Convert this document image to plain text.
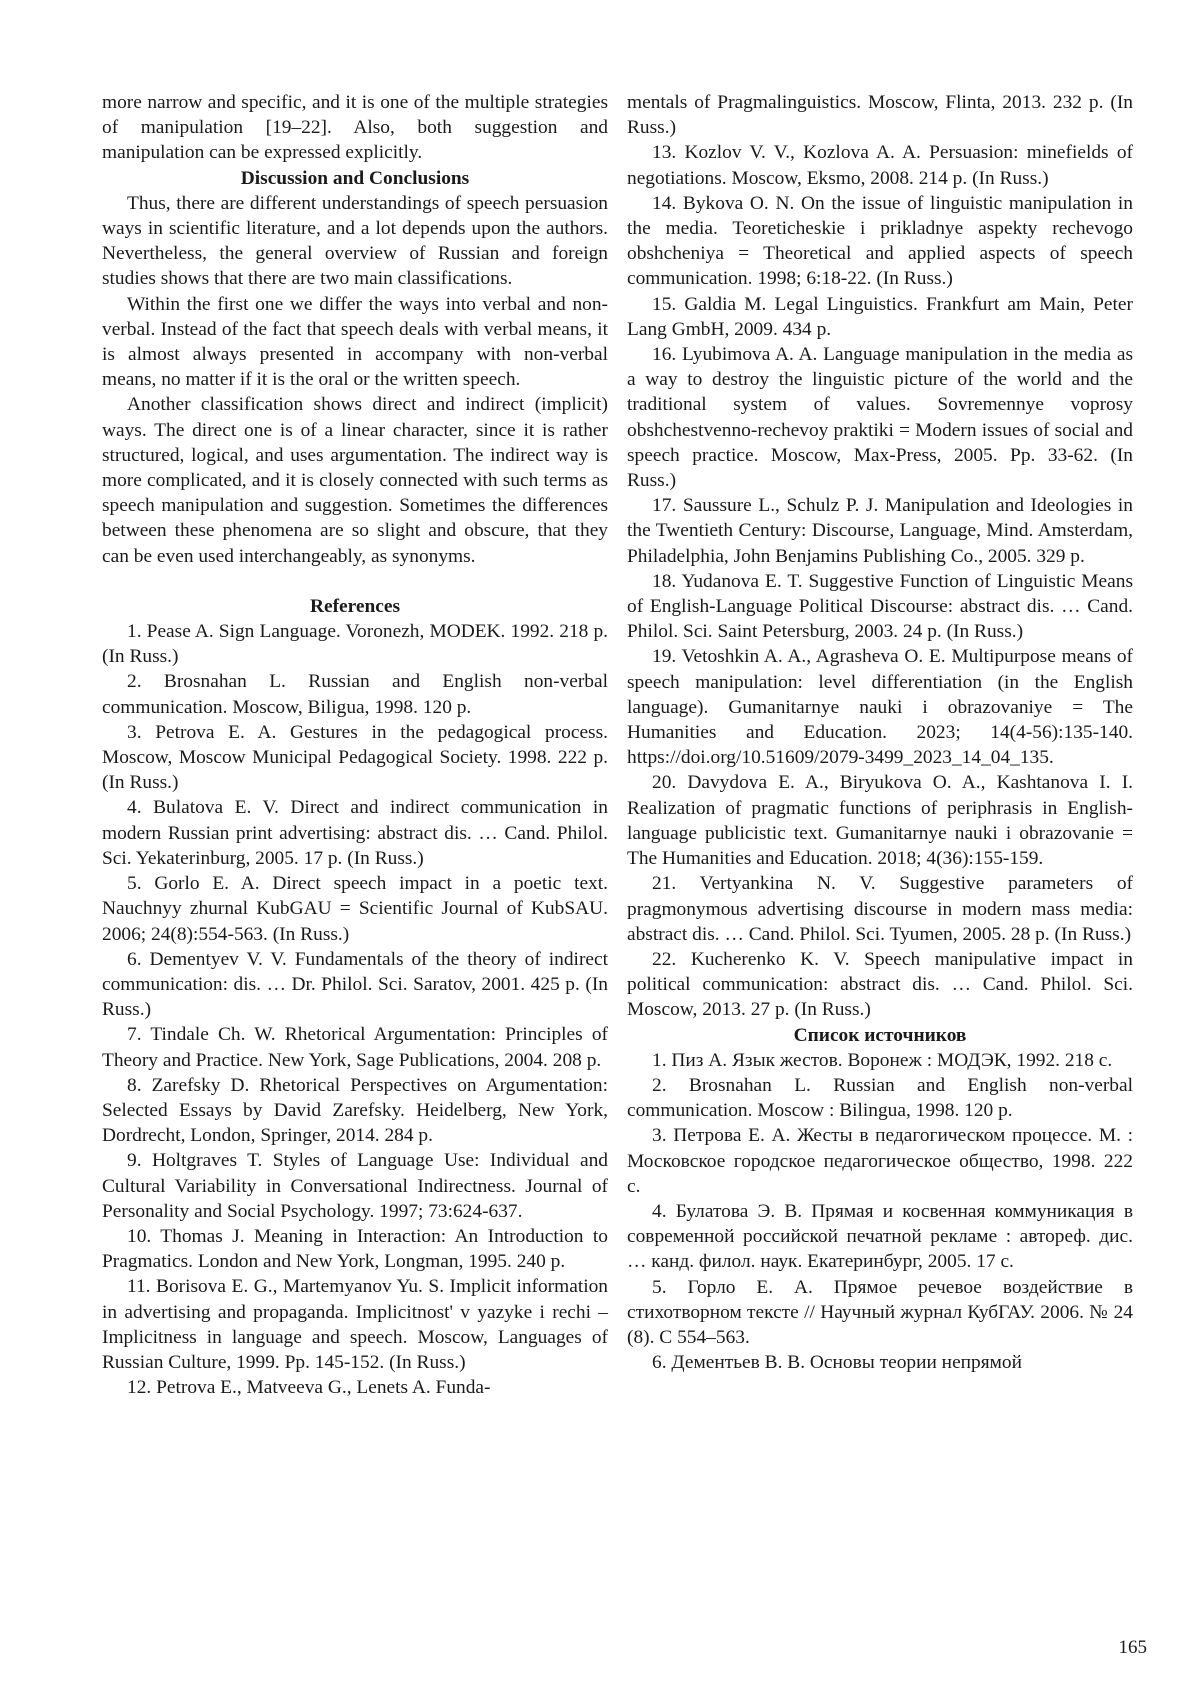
more narrow and specific, and it is one of the multiple strategies of manipulation [19–22]. Also, both suggestion and manipulation can be expressed explicitly.

Discussion and Conclusions

Thus, there are different understandings of speech persuasion ways in scientific literature, and a lot depends upon the authors. Nevertheless, the general overview of Russian and foreign studies shows that there are two main classifications.

Within the first one we differ the ways into verbal and non-verbal. Instead of the fact that speech deals with verbal means, it is almost always presented in accompany with non-verbal means, no matter if it is the oral or the written speech.

Another classification shows direct and indirect (implicit) ways. The direct one is of a linear character, since it is rather structured, logical, and uses argumentation. The indirect way is more complicated, and it is closely connected with such terms as speech manipulation and suggestion. Sometimes the differences between these phenomena are so slight and obscure, that they can be even used interchangeably, as synonyms.

References

1. Pease A. Sign Language. Voronezh, MODEK. 1992. 218 p. (In Russ.)

2. Brosnahan L. Russian and English non-verbal communication. Moscow, Biligua, 1998. 120 p.

3. Petrova E. A. Gestures in the pedagogical process. Moscow, Moscow Municipal Pedagogical Society. 1998. 222 p. (In Russ.)

4. Bulatova E. V. Direct and indirect communication in modern Russian print advertising: abstract dis. … Cand. Philol. Sci. Yekaterinburg, 2005. 17 p. (In Russ.)

5. Gorlo E. A. Direct speech impact in a poetic text. Nauchnyy zhurnal KubGAU = Scientific Journal of KubSAU. 2006; 24(8):554-563. (In Russ.)

6. Dementyev V. V. Fundamentals of the theory of indirect communication: dis. … Dr. Philol. Sci. Saratov, 2001. 425 p. (In Russ.)

7. Tindale Ch. W. Rhetorical Argumentation: Principles of Theory and Practice. New York, Sage Publications, 2004. 208 p.

8. Zarefsky D. Rhetorical Perspectives on Argumentation: Selected Essays by David Zarefsky. Heidelberg, New York, Dordrecht, London, Springer, 2014. 284 p.

9. Holtgraves T. Styles of Language Use: Individual and Cultural Variability in Conversational Indirectness. Journal of Personality and Social Psychology. 1997; 73:624-637.

10. Thomas J. Meaning in Interaction: An Introduction to Pragmatics. London and New York, Longman, 1995. 240 p.

11. Borisova E. G., Martemyanov Yu. S. Implicit information in advertising and propaganda. Implicitnost' v yazyke i rechi – Implicitness in language and speech. Moscow, Languages of Russian Culture, 1999. Pp. 145-152. (In Russ.)

12. Petrova E., Matveeva G., Lenets A. Funda-

mentals of Pragmalinguistics. Moscow, Flinta, 2013. 232 p. (In Russ.)

13. Kozlov V. V., Kozlova A. A. Persuasion: minefields of negotiations. Moscow, Eksmo, 2008. 214 p. (In Russ.)

14. Bykova O. N. On the issue of linguistic manipulation in the media. Teoreticheskie i prikladnye aspekty rechevogo obshcheniya = Theoretical and applied aspects of speech communication. 1998; 6:18-22. (In Russ.)

15. Galdia M. Legal Linguistics. Frankfurt am Main, Peter Lang GmbH, 2009. 434 p.

16. Lyubimova A. A. Language manipulation in the media as a way to destroy the linguistic picture of the world and the traditional system of values. Sovremennye voprosy obshchestvenno-rechevoy praktiki = Modern issues of social and speech practice. Moscow, Max-Press, 2005. Pp. 33-62. (In Russ.)

17. Saussure L., Schulz P. J. Manipulation and Ideologies in the Twentieth Century: Discourse, Language, Mind. Amsterdam, Philadelphia, John Benjamins Publishing Co., 2005. 329 p.

18. Yudanova E. T. Suggestive Function of Linguistic Means of English-Language Political Discourse: abstract dis. … Cand. Philol. Sci. Saint Petersburg, 2003. 24 p. (In Russ.)

19. Vetoshkin A. A., Agrasheva O. E. Multipurpose means of speech manipulation: level differentiation (in the English language). Gumanitarnye nauki i obrazovaniye = The Humanities and Education. 2023; 14(4-56):135-140. https://doi.org/10.51609/2079-3499_2023_14_04_135.

20. Davydova E. A., Biryukova O. A., Kashtanova I. I. Realization of pragmatic functions of periphrasis in English-language publicistic text. Gumanitarnye nauki i obrazovanie = The Humanities and Education. 2018; 4(36):155-159.

21. Vertyankina N. V. Suggestive parameters of pragmonymous advertising discourse in modern mass media: abstract dis. … Cand. Philol. Sci. Tyumen, 2005. 28 p. (In Russ.)

22. Kucherenko K. V. Speech manipulative impact in political communication: abstract dis. … Cand. Philol. Sci. Moscow, 2013. 27 p. (In Russ.)

Список источников

1. Пиз А. Язык жестов. Воронеж : МОДЭК, 1992. 218 с.

2. Brosnahan L. Russian and English non-verbal communication. Moscow : Bilingua, 1998. 120 p.

3. Петрова Е. А. Жесты в педагогическом процессе. М. : Московское городское педагогическое общество, 1998. 222 с.

4. Булатова Э. В. Прямая и косвенная коммуникация в современной российской печатной рекламе : автореф. дис. … канд. филол. наук. Екатеринбург, 2005. 17 с.

5. Горло Е. А. Прямое речевое воздействие в стихотворном тексте // Научный журнал КубГАУ. 2006. № 24 (8). С 554–563.

6. Дементьев В. В. Основы теории непрямой

165
